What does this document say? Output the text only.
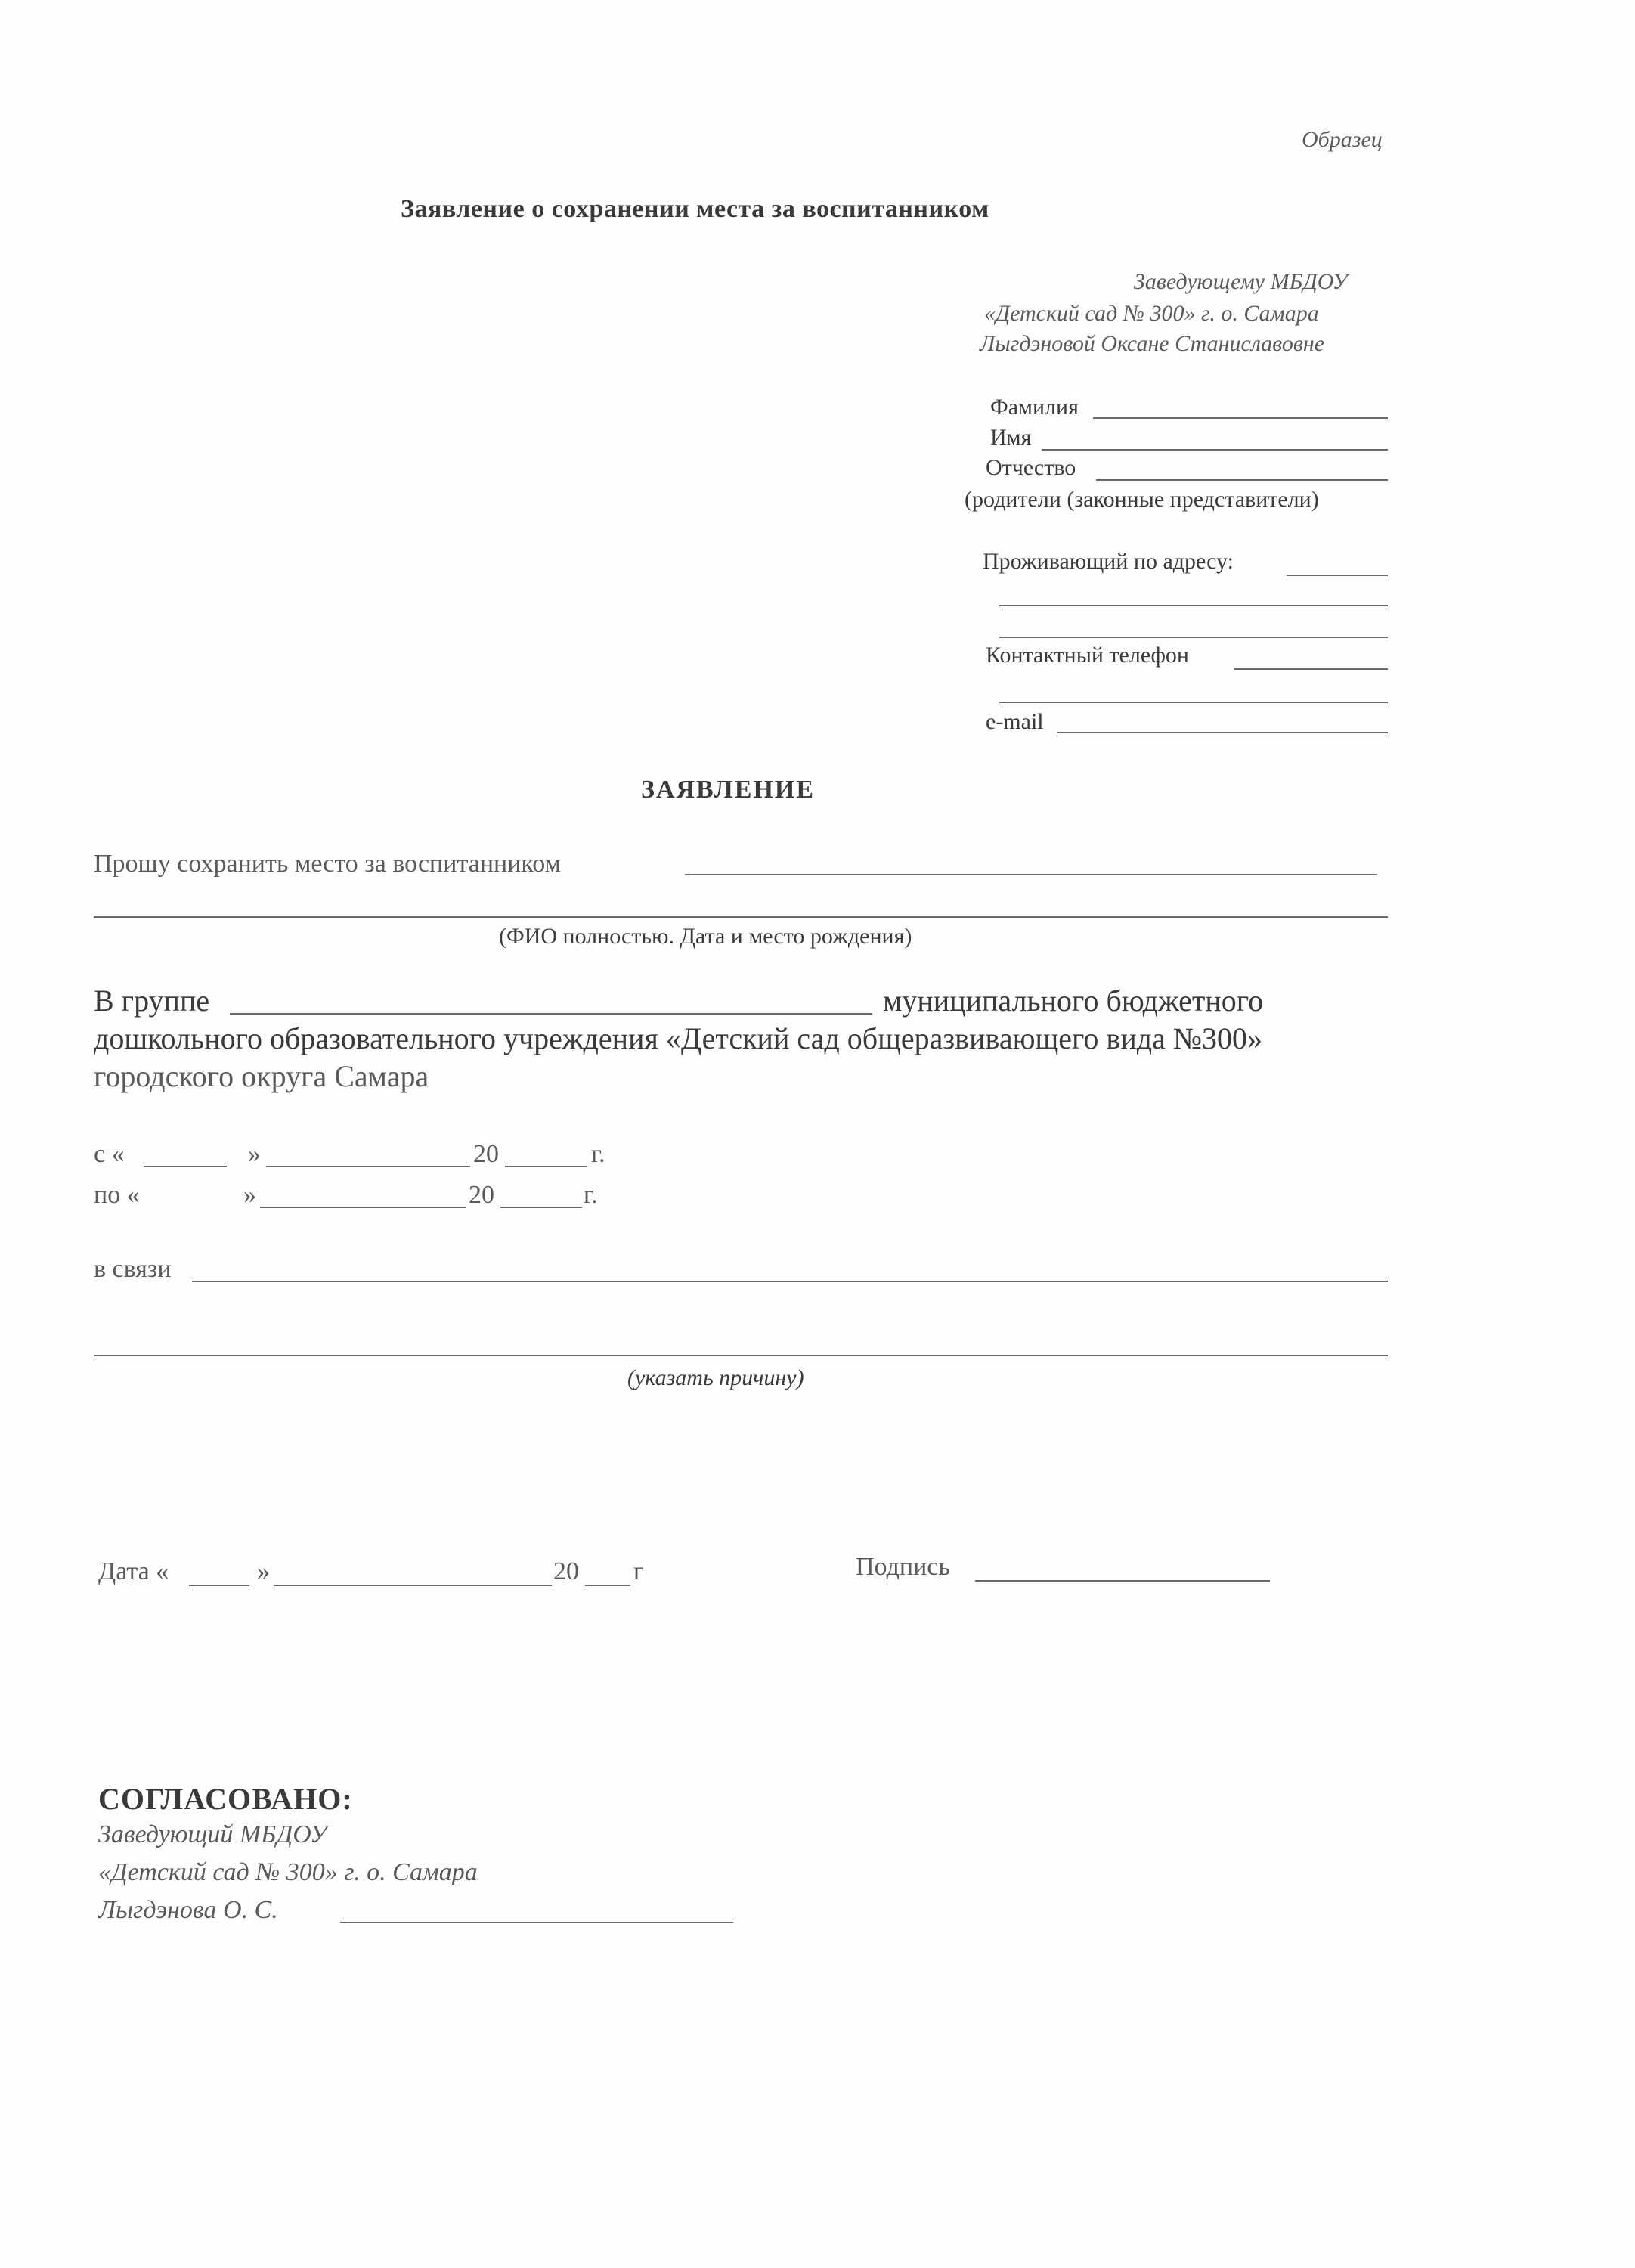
Образец
Заявление о сохранении места за воспитанником
Заведующему МБДОУ
«Детский сад № 300» г. о. Самара
Лыгдэновой Оксане Станиславовне
Фамилия
Имя
Отчество
(родители (законные представители)
Проживающий по адресу:
Контактный телефон
e-mail
ЗАЯВЛЕНИЕ
Прошу сохранить место за воспитанником
(ФИО полностью. Дата и место рождения)
В группе	муниципального бюджетного
дошкольного образовательного учреждения «Детский сад общеразвивающего вида №300»
городского округа Самара
с «	»	20	г.
по «	»	20	г.
в связи
(указать причину)
Дата «	»	20 г	Подпись
СОГЛАСОВАНО:
Заведующий МБДОУ
«Детский сад № 300» г. о. Самара
Лыгдэнова О. С.
